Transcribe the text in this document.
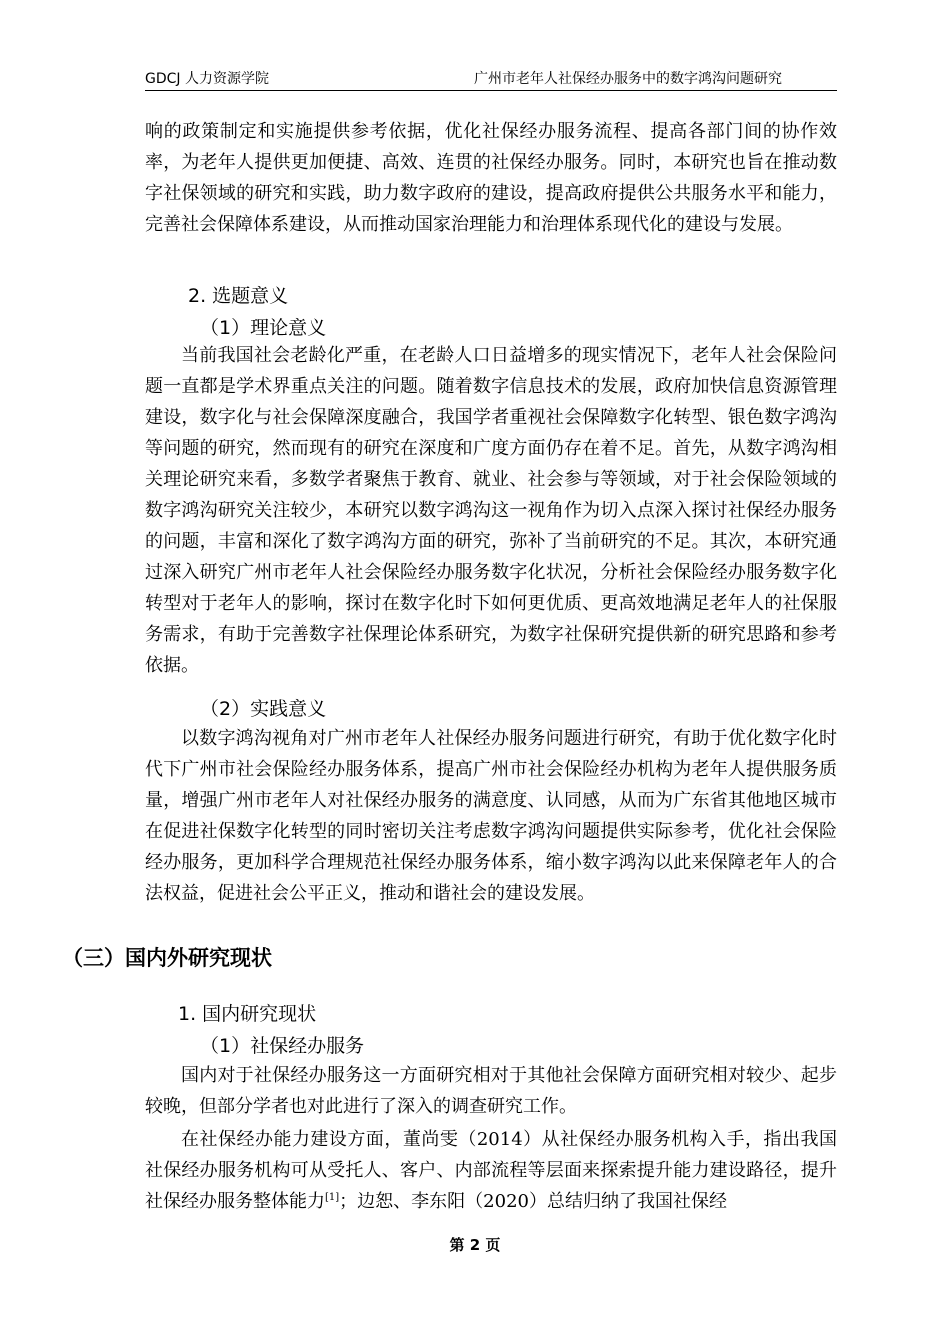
GDCJ 人力资源学院	广州市老年人社保经办服务中的数字鸿沟问题研究
响的政策制定和实施提供参考依据，优化社保经办服务流程、提高各部门间的协作效率，为老年人提供更加便捷、高效、连贯的社保经办服务。同时，本研究也旨在推动数字社保领域的研究和实践，助力数字政府的建设，提高政府提供公共服务水平和能力，完善社会保障体系建设，从而推动国家治理能力和治理体系现代化的建设与发展。
2. 选题意义
（1）理论意义
当前我国社会老龄化严重，在老龄人口日益增多的现实情况下，老年人社会保险问题一直都是学术界重点关注的问题。随着数字信息技术的发展，政府加快信息资源管理建设，数字化与社会保障深度融合，我国学者重视社会保障数字化转型、银色数字鸿沟等问题的研究，然而现有的研究在深度和广度方面仍存在着不足。首先，从数字鸿沟相关理论研究来看，多数学者聚焦于教育、就业、社会参与等领域，对于社会保险领域的数字鸿沟研究关注较少，本研究以数字鸿沟这一视角作为切入点深入探讨社保经办服务的问题，丰富和深化了数字鸿沟方面的研究，弥补了当前研究的不足。其次，本研究通过深入研究广州市老年人社会保险经办服务数字化状况，分析社会保险经办服务数字化转型对于老年人的影响，探讨在数字化时下如何更优质、更高效地满足老年人的社保服务需求，有助于完善数字社保理论体系研究，为数字社保研究提供新的研究思路和参考依据。
（2）实践意义
以数字鸿沟视角对广州市老年人社保经办服务问题进行研究，有助于优化数字化时代下广州市社会保险经办服务体系，提高广州市社会保险经办机构为老年人提供服务质量，增强广州市老年人对社保经办服务的满意度、认同感，从而为广东省其他地区城市在促进社保数字化转型的同时密切关注考虑数字鸿沟问题提供实际参考，优化社会保险经办服务，更加科学合理规范社保经办服务体系，缩小数字鸿沟以此来保障老年人的合法权益，促进社会公平正义，推动和谐社会的建设发展。
（三）国内外研究现状
1. 国内研究现状
（1）社保经办服务
国内对于社保经办服务这一方面研究相对于其他社会保障方面研究相对较少、起步较晚，但部分学者也对此进行了深入的调查研究工作。
在社保经办能力建设方面，董尚雯（2014）从社保经办服务机构入手，指出我国社保经办服务机构可从受托人、客户、内部流程等层面来探索提升能力建设路径，提升社保经办服务整体能力[1]；边恕、李东阳（2020）总结归纳了我国社保经
第 2 页
